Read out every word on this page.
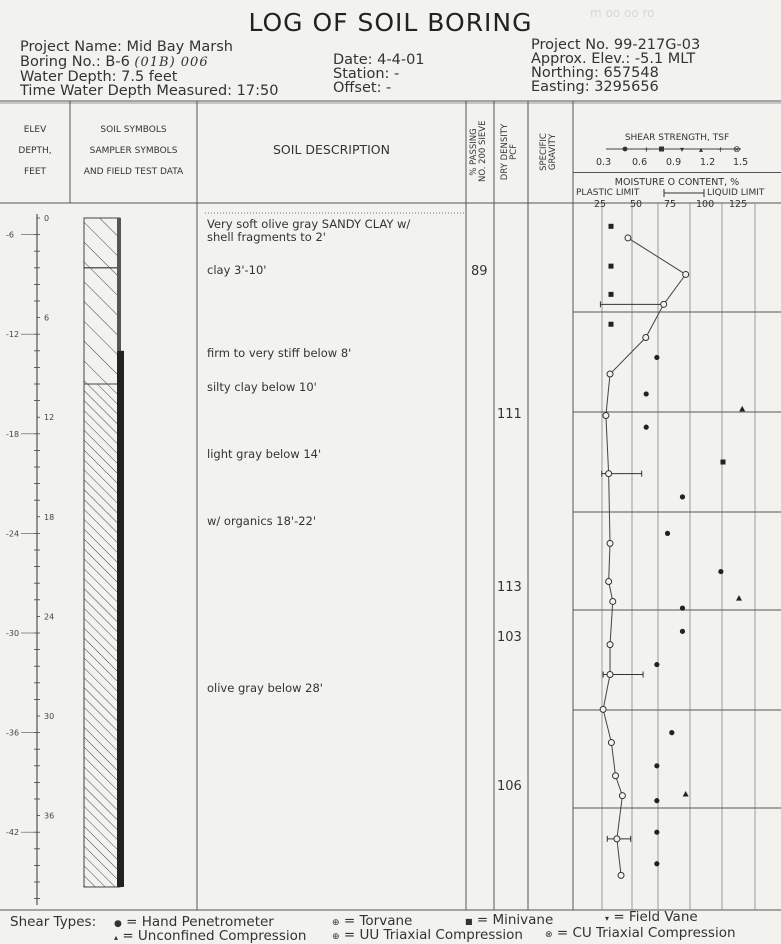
LOG OF SOIL BORING	m oo oo ro
Project Name: Mid Bay Marsh
Boring No.: B-6 (01B) 006
Water Depth: 7.5 feet
Time Water Depth Measured: 17:50
Date: 4-4-01
Station: -
Offset: -
Project No. 99-217G-03
Approx. Elev.: -5.1 MLT
Northing: 657548
Easting: 3295656
0
6
12
18
24
30
36
-6
-12
-18
-24
-30
-36
-42
ELEV
DEPTH,
FEET
SOIL SYMBOLS
SAMPLER SYMBOLS
AND FIELD TEST DATA
SOIL DESCRIPTION	% PASSING NO. 200 SIEVE DRY DENSITY PCF SPECIFIC GRAVITY	SHEAR STRENGTH, TSF
+	▾ ▴ + ⊗
0.3 0.6 0.9 1.2 1.5
MOISTURE O CONTENT, %
PLASTIC LIMIT	LIQUID LIMIT
25	50 75 100 125
Very soft olive gray SANDY CLAY w/
shell fragments to 2'
clay 3'-10'
firm to very stiff below 8'
silty clay below 10'
light gray below 14'
w/ organics 18'-22'
olive gray below 28'
89
111
113
103
106
Shear Types: ● = Hand Penetrometer	⊕ = Torvane	■ = Minivane	▾ = Field Vane
▴ = Unconfined Compression	⊕ = UU Triaxial Compression ⊗ = CU Triaxial Compression
